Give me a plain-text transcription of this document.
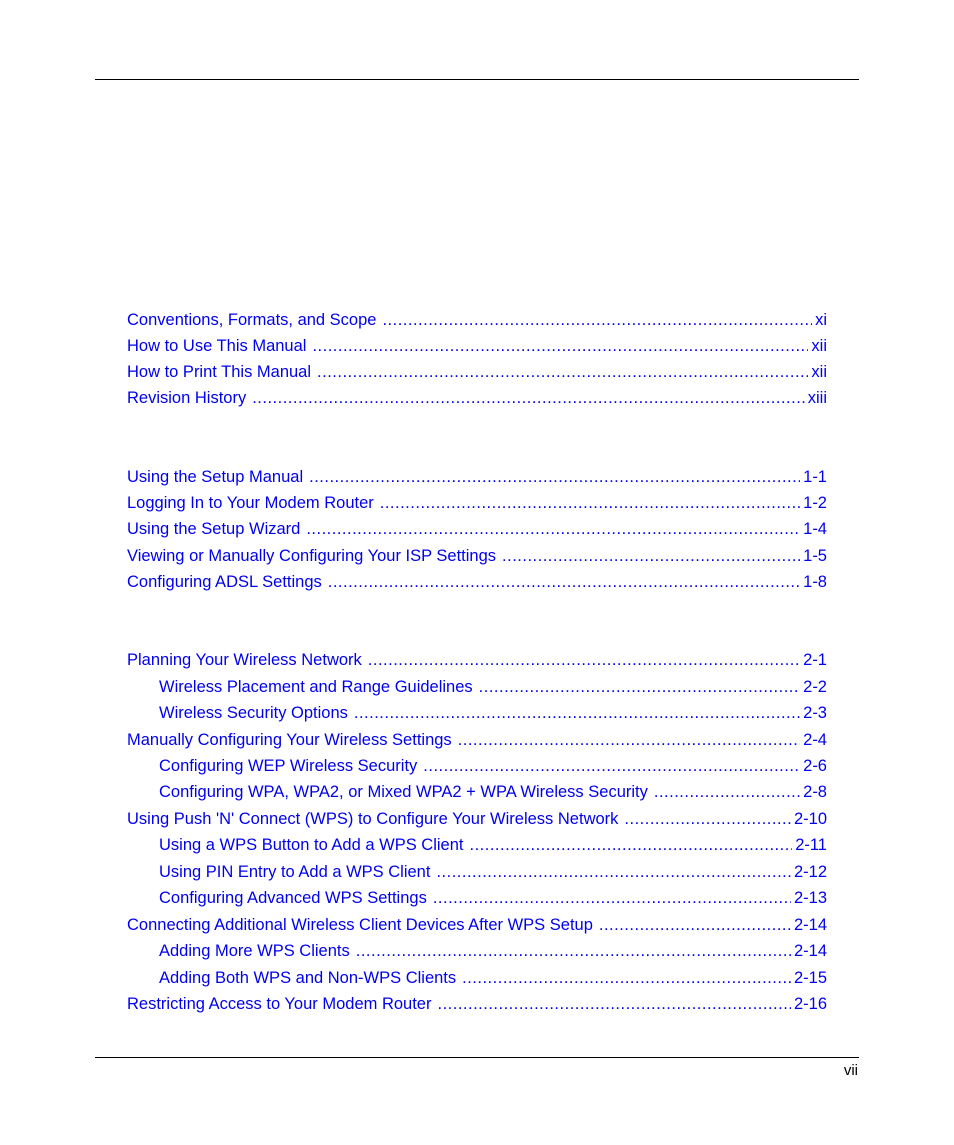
Conventions, Formats, and Scope .....	xi
How to Use This Manual .....	xii
How to Print This Manual .....	xii
Revision History .....	xiii
Using the Setup Manual .....	1-1
Logging In to Your Modem Router .....	1-2
Using the Setup Wizard .....	1-4
Viewing or Manually Configuring Your ISP Settings .....	1-5
Configuring ADSL Settings .....	1-8
Planning Your Wireless Network .....	2-1
Wireless Placement and Range Guidelines .....	2-2
Wireless Security Options .....	2-3
Manually Configuring Your Wireless Settings .....	2-4
Configuring WEP Wireless Security .....	2-6
Configuring WPA, WPA2, or Mixed WPA2 + WPA Wireless Security .....	2-8
Using Push 'N' Connect (WPS) to Configure Your Wireless Network .....	2-10
Using a WPS Button to Add a WPS Client .....	2-11
Using PIN Entry to Add a WPS Client .....	2-12
Configuring Advanced WPS Settings .....	2-13
Connecting Additional Wireless Client Devices After WPS Setup .....	2-14
Adding More WPS Clients .....	2-14
Adding Both WPS and Non-WPS Clients .....	2-15
Restricting Access to Your Modem Router .....	2-16
vii
